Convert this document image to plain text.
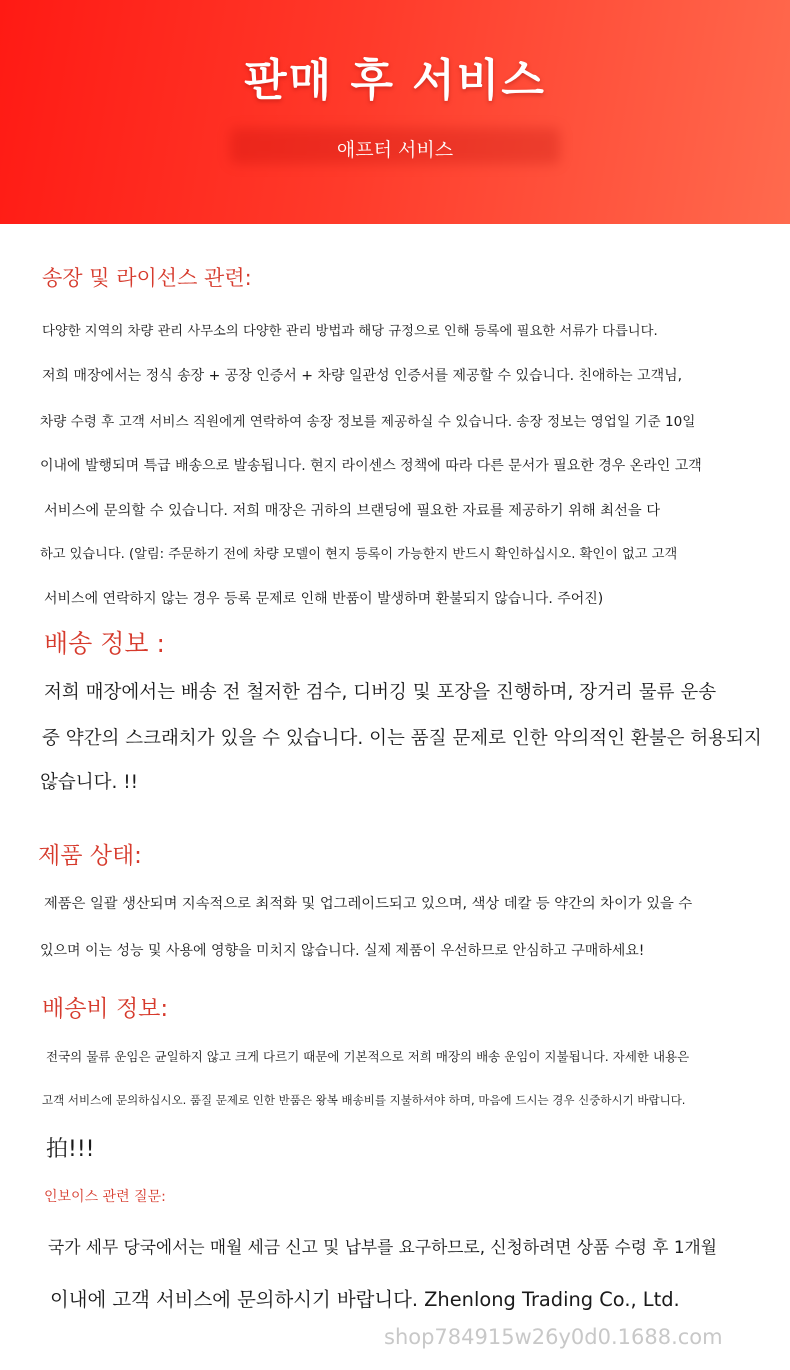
판매 후 서비스
애프터 서비스
송장 및 라이선스 관련:

다양한 지역의 차량 관리 사무소의 다양한 관리 방법과 해당 규정으로 인해 등록에 필요한 서류가 다릅니다.

저희 매장에서는 정식 송장 + 공장 인증서 + 차량 일관성 인증서를 제공할 수 있습니다. 친애하는 고객님,

차량 수령 후 고객 서비스 직원에게 연락하여 송장 정보를 제공하실 수 있습니다. 송장 정보는 영업일 기준 10일

이내에 발행되며 특급 배송으로 발송됩니다. 현지 라이센스 정책에 따라 다른 문서가 필요한 경우 온라인 고객

서비스에 문의할 수 있습니다. 저희 매장은 귀하의 브랜딩에 필요한 자료를 제공하기 위해 최선을 다

하고 있습니다. (알림: 주문하기 전에 차량 모델이 현지 등록이 가능한지 반드시 확인하십시오. 확인이 없고 고객

서비스에 연락하지 않는 경우 등록 문제로 인해 반품이 발생하며 환불되지 않습니다. 주어진)

배송 정보 :

저희 매장에서는 배송 전 철저한 검수, 디버깅 및 포장을 진행하며, 장거리 물류 운송

중 약간의 스크래치가 있을 수 있습니다. 이는 품질 문제로 인한 악의적인 환불은 허용되지

않습니다. !!

제품 상태:

제품은 일괄 생산되며 지속적으로 최적화 및 업그레이드되고 있으며, 색상 데칼 등 약간의 차이가 있을 수

있으며 이는 성능 및 사용에 영향을 미치지 않습니다. 실제 제품이 우선하므로 안심하고 구매하세요!

배송비 정보:

전국의 물류 운임은 균일하지 않고 크게 다르기 때문에 기본적으로 저희 매장의 배송 운임이 지불됩니다. 자세한 내용은

고객 서비스에 문의하십시오. 품질 문제로 인한 반품은 왕복 배송비를 지불하셔야 하며, 마음에 드시는 경우 신중하시기 바랍니다.

拍!!!
인보이스 관련 질문:

국가 세무 당국에서는 매월 세금 신고 및 납부를 요구하므로, 신청하려면 상품 수령 후 1개월

이내에 고객 서비스에 문의하시기 바랍니다. Zhenlong Trading Co., Ltd.

shop784915w26y0d0.1688.com
